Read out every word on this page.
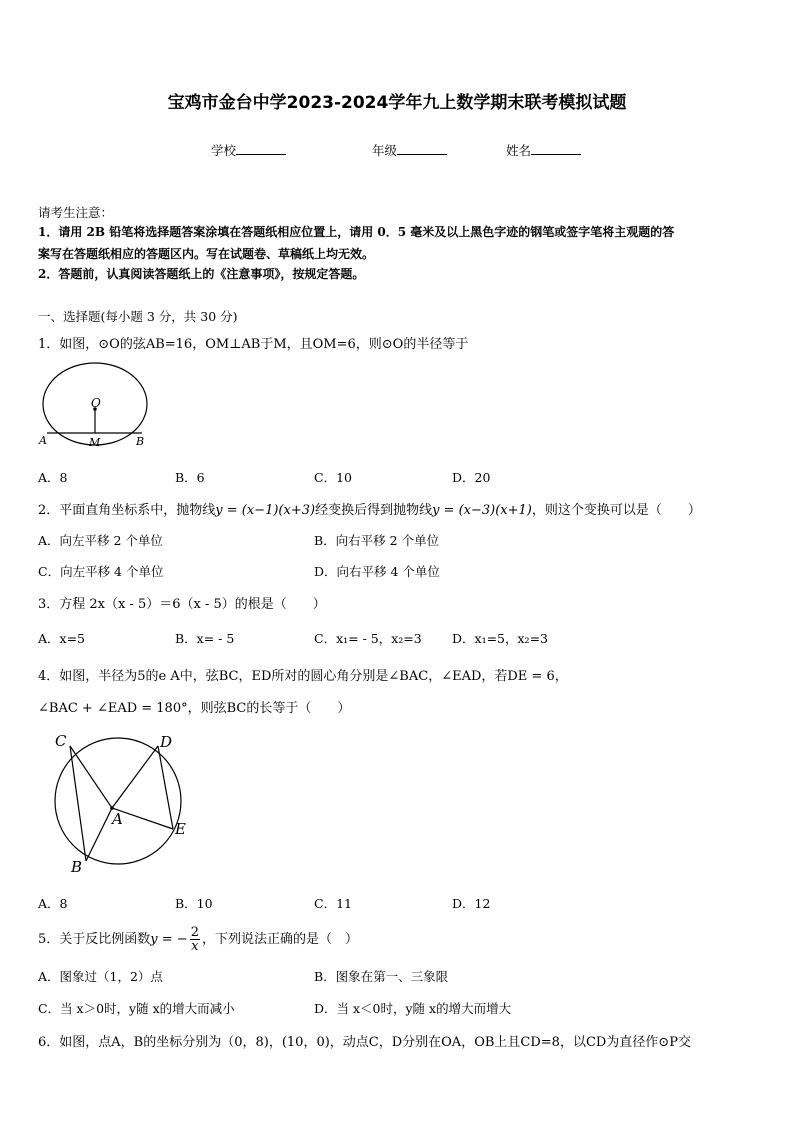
宝鸡市金台中学2023-2024学年九上数学期末联考模拟试题
学校	年级	姓名
请考生注意：
1．请用 2B 铅笔将选择题答案涂填在答题纸相应位置上，请用 0．5 毫米及以上黑色字迹的钢笔或签字笔将主观题的答
案写在答题纸相应的答题区内。写在试题卷、草稿纸上均无效。
2．答题前，认真阅读答题纸上的《注意事项》，按规定答题。
一、选择题(每小题 3 分，共 30 分)
1．如图，⊙O的弦AB=16，OM⊥AB于M，且OM=6，则⊙O的半径等于
O
A	M	B
A．8	B．6	C．10	D．20
2．平面直角坐标系中，抛物线y = (x−1)(x+3)经变换后得到抛物线y = (x−3)(x+1)，则这个变换可以是（　　）
A．向左平移 2 个单位	B．向右平移 2 个单位
C．向左平移 4 个单位	D．向右平移 4 个单位
3．方程 2x（x - 5）＝6（x - 5）的根是（　　）
A．x=5	B．x= - 5	C．x₁= - 5，x₂=3 D．x₁=5，x₂=3
4．如图，半径为5的e A中，弦BC，ED所对的圆心角分别是∠BAC，∠EAD，若DE = 6，
∠BAC + ∠EAD = 180°，则弦BC的长等于（　　）
C	D
A
E
B
A．8	B．10	C．11	D．12
5．关于反比例函数y = − $\frac{2}{x}$ ，下列说法正确的是（　）
A．图象过（1，2）点	B．图象在第一、三象限
C．当 x＞0时，y随 x的增大而减小	D．当 x＜0时，y随 x的增大而增大
6．如图，点A，B的坐标分别为（0，8)，(10，0)，动点C，D分别在OA，OB上且CD=8，以CD为直径作⊙P交
